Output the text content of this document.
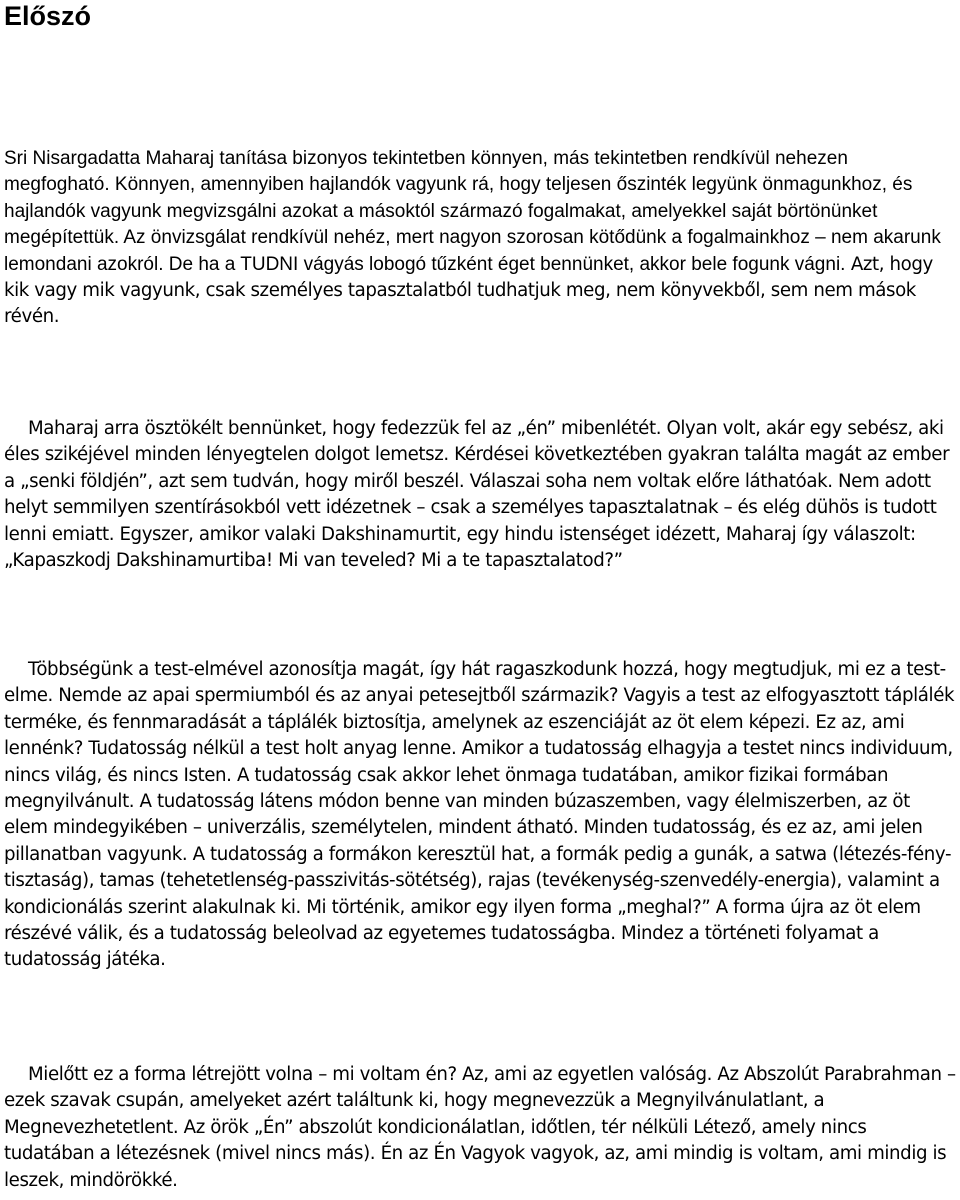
Előszó

Sri Nisargadatta Maharaj tanítása bizonyos tekintetben könnyen, más tekintetben rendkívül nehezen megfogható. Könnyen, amennyiben hajlandók vagyunk rá, hogy teljesen őszinték legyünk önmagunkhoz, és hajlandók vagyunk megvizsgálni azokat a másoktól származó fogalmakat, amelyekkel saját börtönünket megépítettük. Az önvizsgálat rendkívül nehéz, mert nagyon szorosan kötődünk a fogalmainkhoz – nem akarunk lemondani azokról. De ha a TUDNI vágyás lobogó tűzként éget bennünket, akkor bele fogunk vágni. Azt, hogy kik vagy mik vagyunk, csak személyes tapasztalatból tudhatjuk meg, nem könyvekből, sem nem mások révén.

Maharaj arra ösztökélt bennünket, hogy fedezzük fel az „én” mibenlétét. Olyan volt, akár egy sebész, aki éles szikéjével minden lényegtelen dolgot lemetsz. Kérdései következtében gyakran találta magát az ember a „senki földjén”, azt sem tudván, hogy miről beszél. Válaszai soha nem voltak előre láthatóak. Nem adott helyt semmilyen szentírásokból vett idézetnek – csak a személyes tapasztalatnak – és elég dühös is tudott lenni emiatt. Egyszer, amikor valaki Dakshinamurtit, egy hindu istenséget idézett, Maharaj így válaszolt: „Kapaszkodj Dakshinamurtiba! Mi van teveled? Mi a te tapasztalatod?”

Többségünk a test-elmével azonosítja magát, így hát ragaszkodunk hozzá, hogy megtudjuk, mi ez a test-elme. Nemde az apai spermiumból és az anyai petesejtből származik? Vagyis a test az elfogyasztott táplálék terméke, és fennmaradását a táplálék biztosítja, amelynek az eszenciáját az öt elem képezi. Ez az, ami lennénk? Tudatosság nélkül a test holt anyag lenne. Amikor a tudatosság elhagyja a testet nincs individuum, nincs világ, és nincs Isten. A tudatosság csak akkor lehet önmaga tudatában, amikor fizikai formában megnyilvánult. A tudatosság látens módon benne van minden búzaszemben, vagy élelmiszerben, az öt elem mindegyikében – univerzális, személytelen, mindent átható. Minden tudatosság, és ez az, ami jelen pillanatban vagyunk. A tudatosság a formákon keresztül hat, a formák pedig a gunák, a satwa (létezés-fény-tisztaság), tamas (tehetetlenség-passzivitás-sötétség), rajas (tevékenység-szenvedély-energia), valamint a kondicionálás szerint alakulnak ki. Mi történik, amikor egy ilyen forma „meghal?” A forma újra az öt elem részévé válik, és a tudatosság beleolvad az egyetemes tudatosságba. Mindez a történeti folyamat a tudatosság játéka.

Mielőtt ez a forma létrejött volna – mi voltam én? Az, ami az egyetlen valóság. Az Abszolút Parabrahman – ezek szavak csupán, amelyeket azért találtunk ki, hogy megnevezzük a Megnyilvánulatlant, a Megnevezhetetlent. Az örök „Én” abszolút kondicionálatlan, időtlen, tér nélküli Létező, amely nincs tudatában a létezésnek (mivel nincs más). Én az Én Vagyok vagyok, az, ami mindig is voltam, ami mindig is leszek, mindörökké.
